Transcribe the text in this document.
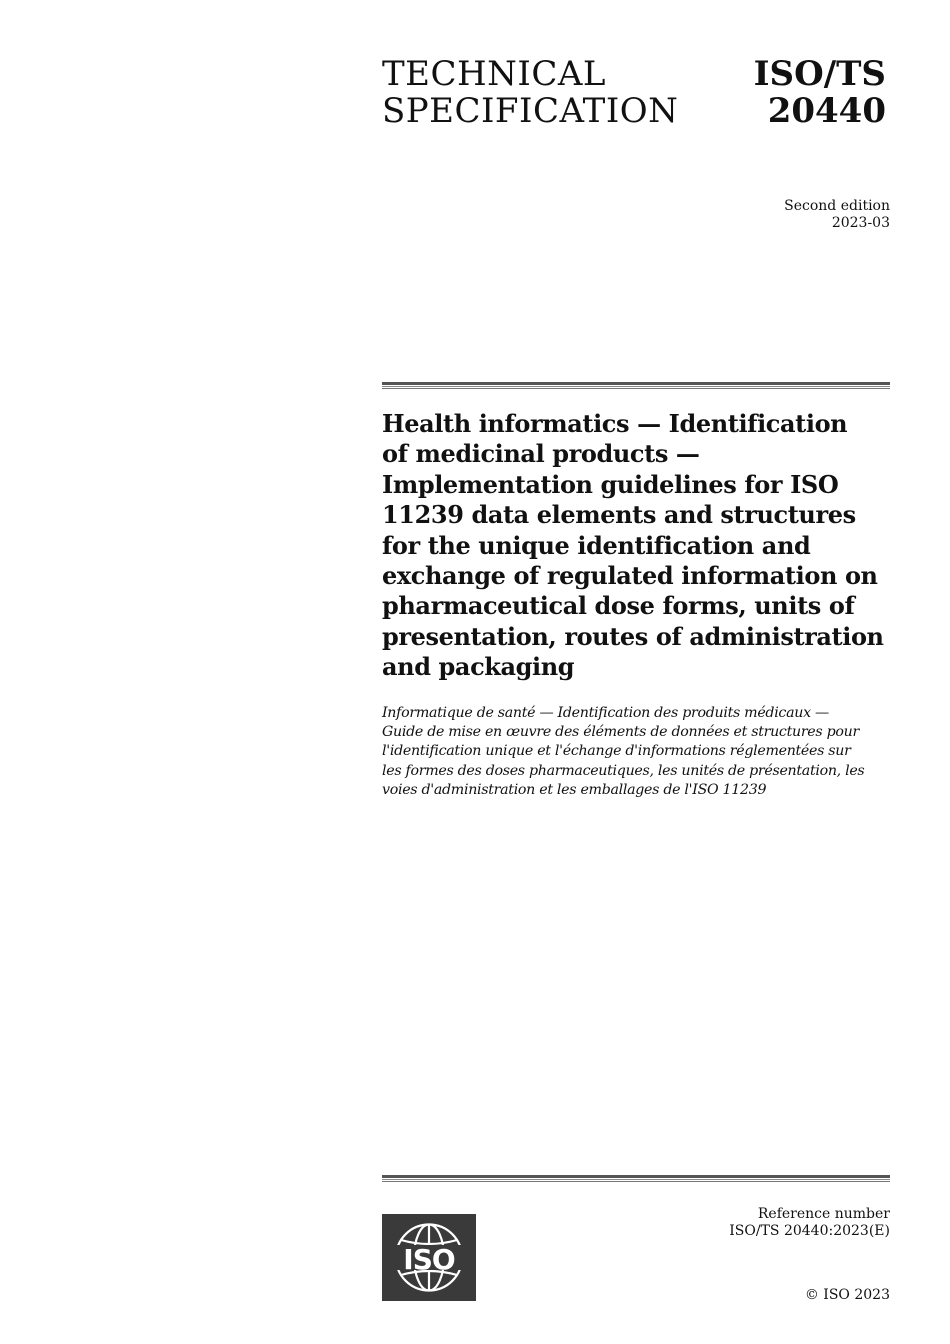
TECHNICAL
SPECIFICATION
ISO/TS
20440
Second edition
2023-03
Health informatics — Identification
of medicinal products —
Implementation guidelines for ISO
11239 data elements and structures
for the unique identification and
exchange of regulated information on
pharmaceutical dose forms, units of
presentation, routes of administration
and packaging
Informatique de santé — Identification des produits médicaux —
Guide de mise en œuvre des éléments de données et structures pour
l'identification unique et l'échange d'informations réglementées sur
les formes des doses pharmaceutiques, les unités de présentation, les
voies d'administration et les emballages de l'ISO 11239
ISO
Reference number
ISO/TS 20440:2023(E)
© ISO 2023
